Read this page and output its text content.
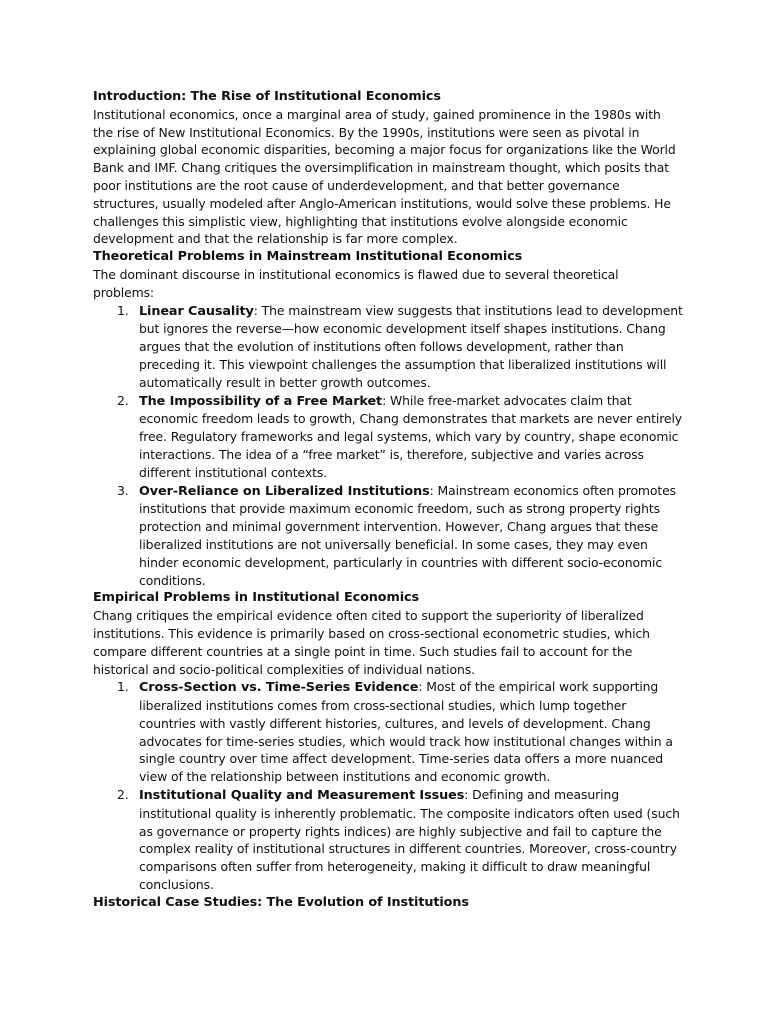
Introduction: The Rise of Institutional Economics

Institutional economics, once a marginal area of study, gained prominence in the 1980s with the rise of New Institutional Economics. By the 1990s, institutions were seen as pivotal in explaining global economic disparities, becoming a major focus for organizations like the World Bank and IMF. Chang critiques the oversimplification in mainstream thought, which posits that poor institutions are the root cause of underdevelopment, and that better governance structures, usually modeled after Anglo-American institutions, would solve these problems. He challenges this simplistic view, highlighting that institutions evolve alongside economic development and that the relationship is far more complex.

Theoretical Problems in Mainstream Institutional Economics

The dominant discourse in institutional economics is flawed due to several theoretical problems:

1. Linear Causality: The mainstream view suggests that institutions lead to development but ignores the reverse—how economic development itself shapes institutions. Chang argues that the evolution of institutions often follows development, rather than preceding it. This viewpoint challenges the assumption that liberalized institutions will automatically result in better growth outcomes.
2. The Impossibility of a Free Market: While free-market advocates claim that economic freedom leads to growth, Chang demonstrates that markets are never entirely free. Regulatory frameworks and legal systems, which vary by country, shape economic interactions. The idea of a “free market” is, therefore, subjective and varies across different institutional contexts.
3. Over-Reliance on Liberalized Institutions: Mainstream economics often promotes institutions that provide maximum economic freedom, such as strong property rights protection and minimal government intervention. However, Chang argues that these liberalized institutions are not universally beneficial. In some cases, they may even hinder economic development, particularly in countries with different socio-economic conditions.

Empirical Problems in Institutional Economics

Chang critiques the empirical evidence often cited to support the superiority of liberalized institutions. This evidence is primarily based on cross-sectional econometric studies, which compare different countries at a single point in time. Such studies fail to account for the historical and socio-political complexities of individual nations.

1. Cross-Section vs. Time-Series Evidence: Most of the empirical work supporting liberalized institutions comes from cross-sectional studies, which lump together countries with vastly different histories, cultures, and levels of development. Chang advocates for time-series studies, which would track how institutional changes within a single country over time affect development. Time-series data offers a more nuanced view of the relationship between institutions and economic growth.
2. Institutional Quality and Measurement Issues: Defining and measuring institutional quality is inherently problematic. The composite indicators often used (such as governance or property rights indices) are highly subjective and fail to capture the complex reality of institutional structures in different countries. Moreover, cross-country comparisons often suffer from heterogeneity, making it difficult to draw meaningful conclusions.

Historical Case Studies: The Evolution of Institutions
